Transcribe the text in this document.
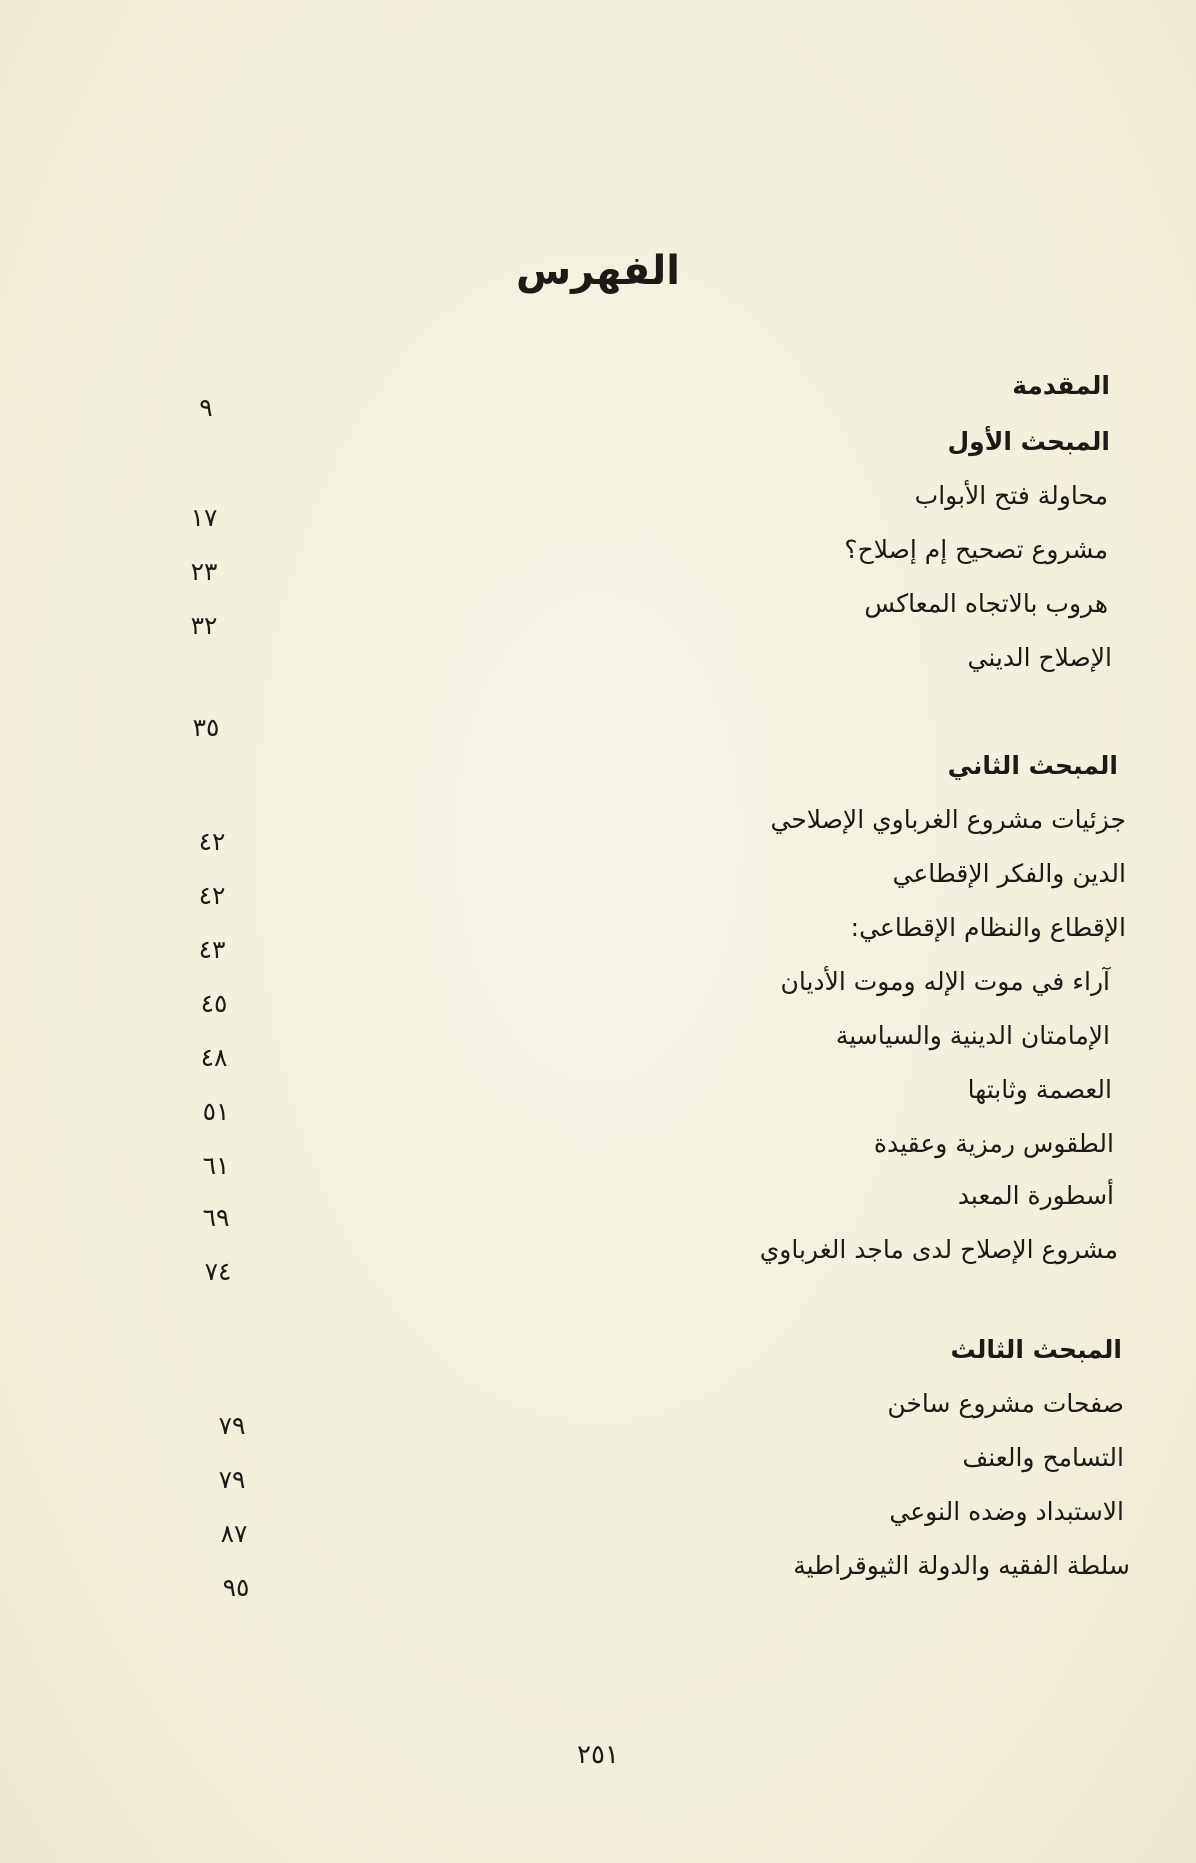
الفهرس
المقدمة
٩
المبحث الأول
محاولة فتح الأبواب
١٧
مشروع تصحيح إم إصلاح؟
٢٣
هروب بالاتجاه المعاكس
٣٢
الإصلاح الديني
٣٥
المبحث الثاني
جزئيات مشروع الغرباوي الإصلاحي
٤٢
الدين والفكر الإقطاعي
٤٢
الإقطاع والنظام الإقطاعي:
٤٣
آراء في موت الإله وموت الأديان
٤٥
الإمامتان الدينية والسياسية
٤٨
العصمة وثابتها
٥١
الطقوس رمزية وعقيدة
٦١
أسطورة المعبد
٦٩
مشروع الإصلاح لدى ماجد الغرباوي
٧٤
المبحث الثالث
صفحات مشروع ساخن
٧٩
التسامح والعنف
٧٩
الاستبداد وضده النوعي
٨٧
سلطة الفقيه والدولة الثيوقراطية
٩٥
٢٥١
